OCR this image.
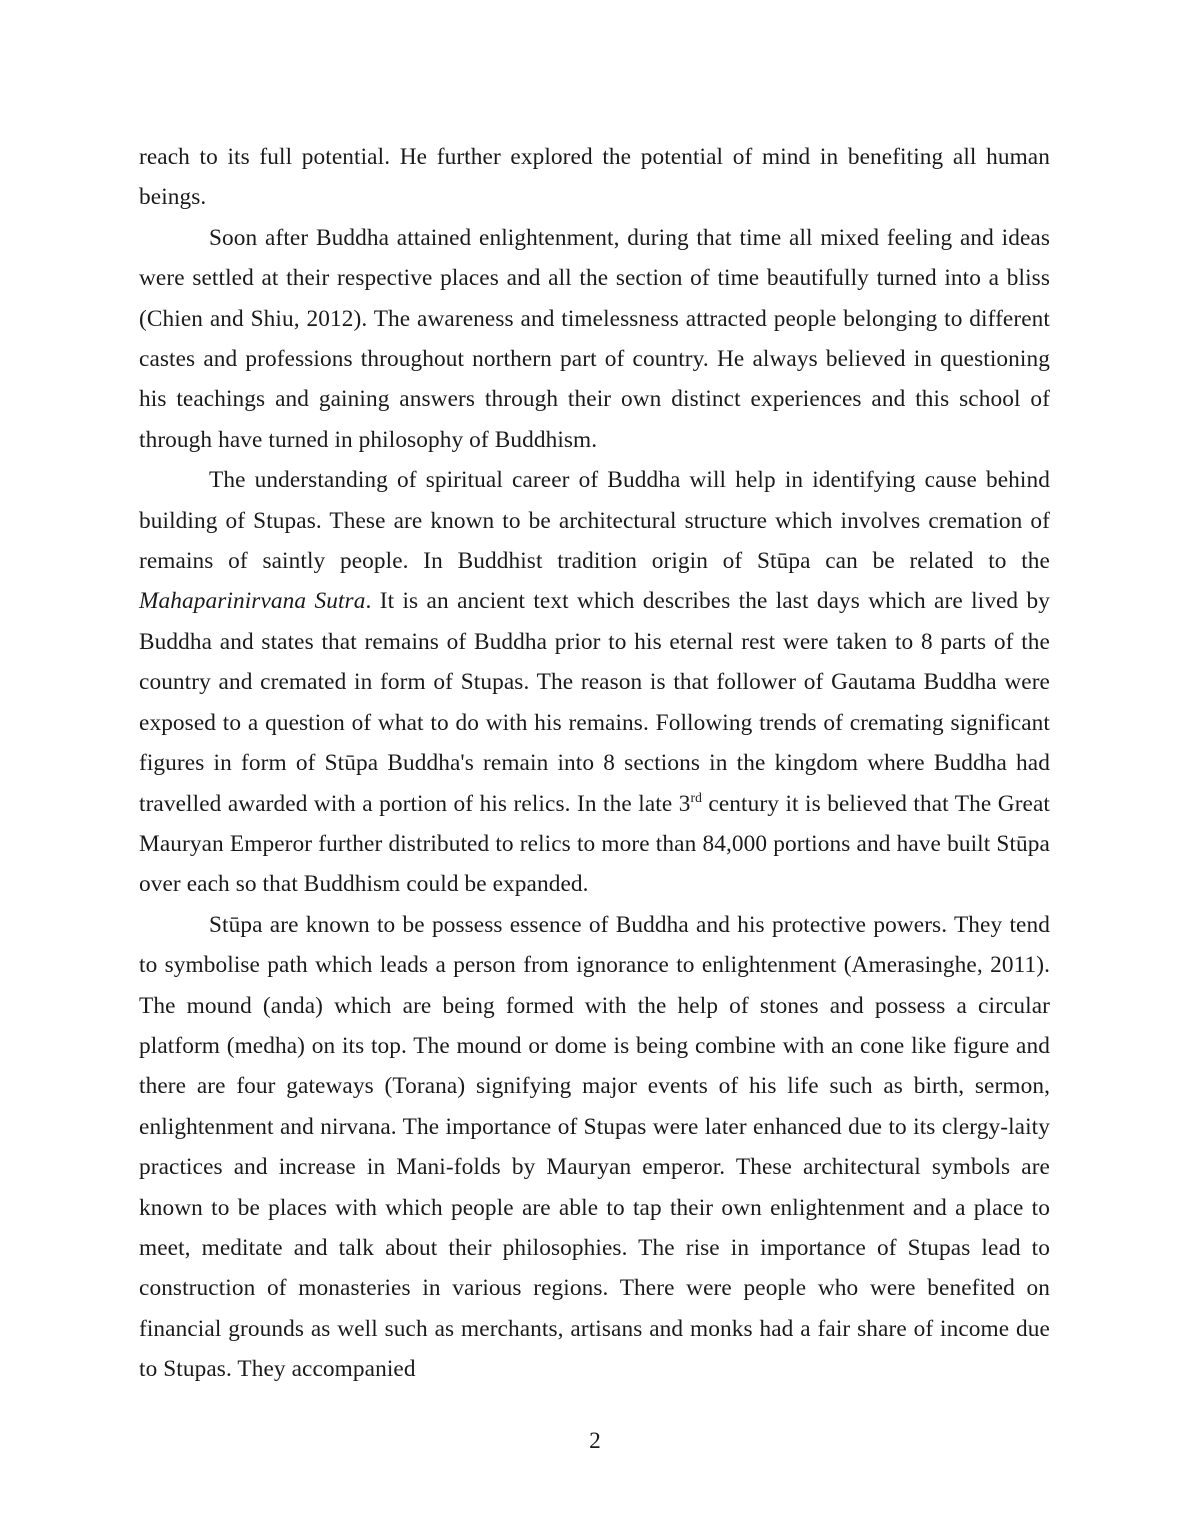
reach to its full potential. He further explored the potential of mind in benefiting all human beings.

Soon after Buddha attained enlightenment, during that time all mixed feeling and ideas were settled at their respective places and all the section of time beautifully turned into a bliss (Chien and Shiu, 2012). The awareness and timelessness attracted people belonging to different castes and professions throughout northern part of country. He always believed in questioning his teachings and gaining answers through their own distinct experiences and this school of through have turned in philosophy of Buddhism.

The understanding of spiritual career of Buddha will help in identifying cause behind building of Stupas. These are known to be architectural structure which involves cremation of remains of saintly people. In Buddhist tradition origin of Stūpa can be related to the Mahaparinirvana Sutra. It is an ancient text which describes the last days which are lived by Buddha and states that remains of Buddha prior to his eternal rest were taken to 8 parts of the country and cremated in form of Stupas. The reason is that follower of Gautama Buddha were exposed to a question of what to do with his remains. Following trends of cremating significant figures in form of Stūpa Buddha's remain into 8 sections in the kingdom where Buddha had travelled awarded with a portion of his relics. In the late 3rd century it is believed that The Great Mauryan Emperor further distributed to relics to more than 84,000 portions and have built Stūpa over each so that Buddhism could be expanded.

Stūpa are known to be possess essence of Buddha and his protective powers. They tend to symbolise path which leads a person from ignorance to enlightenment (Amerasinghe, 2011). The mound (anda) which are being formed with the help of stones and possess a circular platform (medha) on its top. The mound or dome is being combine with an cone like figure and there are four gateways (Torana) signifying major events of his life such as birth, sermon, enlightenment and nirvana. The importance of Stupas were later enhanced due to its clergy-laity practices and increase in Mani-folds by Mauryan emperor. These architectural symbols are known to be places with which people are able to tap their own enlightenment and a place to meet, meditate and talk about their philosophies. The rise in importance of Stupas lead to construction of monasteries in various regions. There were people who were benefited on financial grounds as well such as merchants, artisans and monks had a fair share of income due to Stupas. They accompanied

2
